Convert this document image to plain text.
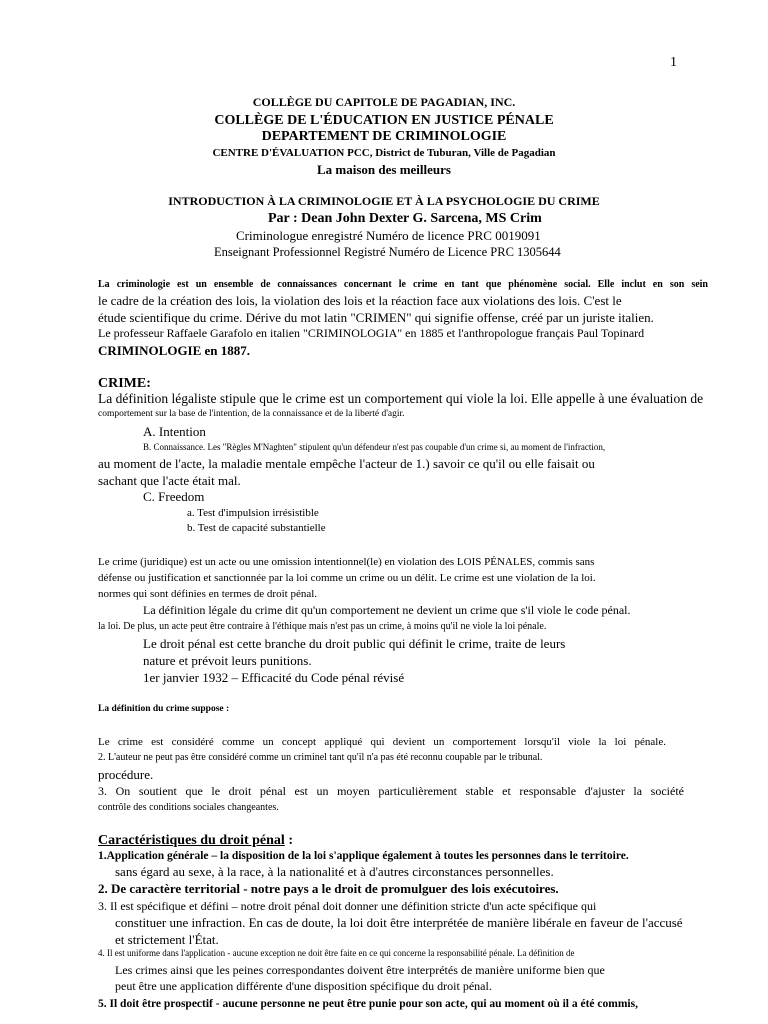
1
COLLÈGE DU CAPITOLE DE PAGADIAN, INC.
COLLÈGE DE L'ÉDUCATION EN JUSTICE PÉNALE
DEPARTEMENT DE CRIMINOLOGIE
CENTRE D'ÉVALUATION PCC, District de Tuburan, Ville de Pagadian
La maison des meilleurs
INTRODUCTION À LA CRIMINOLOGIE ET À LA PSYCHOLOGIE DU CRIME
Par : Dean John Dexter G. Sarcena, MS Crim
Criminologue enregistré Numéro de licence PRC 0019091
Enseignant Professionnel Registré Numéro de Licence PRC 1305644
La criminologie est un ensemble de connaissances concernant le crime en tant que phénomène social. Elle inclut en son sein
le cadre de la création des lois, la violation des lois et la réaction face aux violations des lois. C'est le
étude scientifique du crime. Dérive du mot latin "CRIMEN" qui signifie offense, créé par un juriste italien.
Le professeur Raffaele Garafolo en italien "CRIMINOLOGIA" en 1885 et l'anthropologue français Paul Topinard
CRIMINOLOGIE en 1887.
CRIME:
La définition légaliste stipule que le crime est un comportement qui viole la loi. Elle appelle à une évaluation de
comportement sur la base de l'intention, de la connaissance et de la liberté d'agir.
A. Intention
B. Connaissance. Les "Règles M'Naghten" stipulent qu'un défendeur n'est pas coupable d'un crime si, au moment de l'infraction,
au moment de l'acte, la maladie mentale empêche l'acteur de 1.) savoir ce qu'il ou elle faisait ou
sachant que l'acte était mal.
C. Freedom
a. Test d'impulsion irrésistible
b. Test de capacité substantielle
Le crime (juridique) est un acte ou une omission intentionnel(le) en violation des LOIS PÉNALES, commis sans
défense ou justification et sanctionnée par la loi comme un crime ou un délit. Le crime est une violation de la loi.
normes qui sont définies en termes de droit pénal.
La définition légale du crime dit qu'un comportement ne devient un crime que s'il viole le code pénal.
la loi. De plus, un acte peut être contraire à l'éthique mais n'est pas un crime, à moins qu'il ne viole la loi pénale.
Le droit pénal est cette branche du droit public qui définit le crime, traite de leurs
nature et prévoit leurs punitions.
1er janvier 1932 – Efficacité du Code pénal révisé
La définition du crime suppose :
Le crime est considéré comme un concept appliqué qui devient un comportement lorsqu'il viole la loi pénale.
2. L'auteur ne peut pas être considéré comme un criminel tant qu'il n'a pas été reconnu coupable par le tribunal.
procédure.
3. On soutient que le droit pénal est un moyen particulièrement stable et responsable d'ajuster la société
contrôle des conditions sociales changeantes.
Caractéristiques du droit pénal :
1.Application générale – la disposition de la loi s'applique également à toutes les personnes dans le territoire.
sans égard au sexe, à la race, à la nationalité et à d'autres circonstances personnelles.
2. De caractère territorial - notre pays a le droit de promulguer des lois exécutoires.
3. Il est spécifique et défini – notre droit pénal doit donner une définition stricte d'un acte spécifique qui
constituer une infraction. En cas de doute, la loi doit être interprétée de manière libérale en faveur de l'accusé
et strictement l'État.
4. Il est uniforme dans l'application - aucune exception ne doit être faite en ce qui concerne la responsabilité pénale. La définition de
Les crimes ainsi que les peines correspondantes doivent être interprétés de manière uniforme bien que
peut être une application différente d'une disposition spécifique du droit pénal.
5. Il doit être prospectif - aucune personne ne peut être punie pour son acte, qui au moment où il a été commis,
